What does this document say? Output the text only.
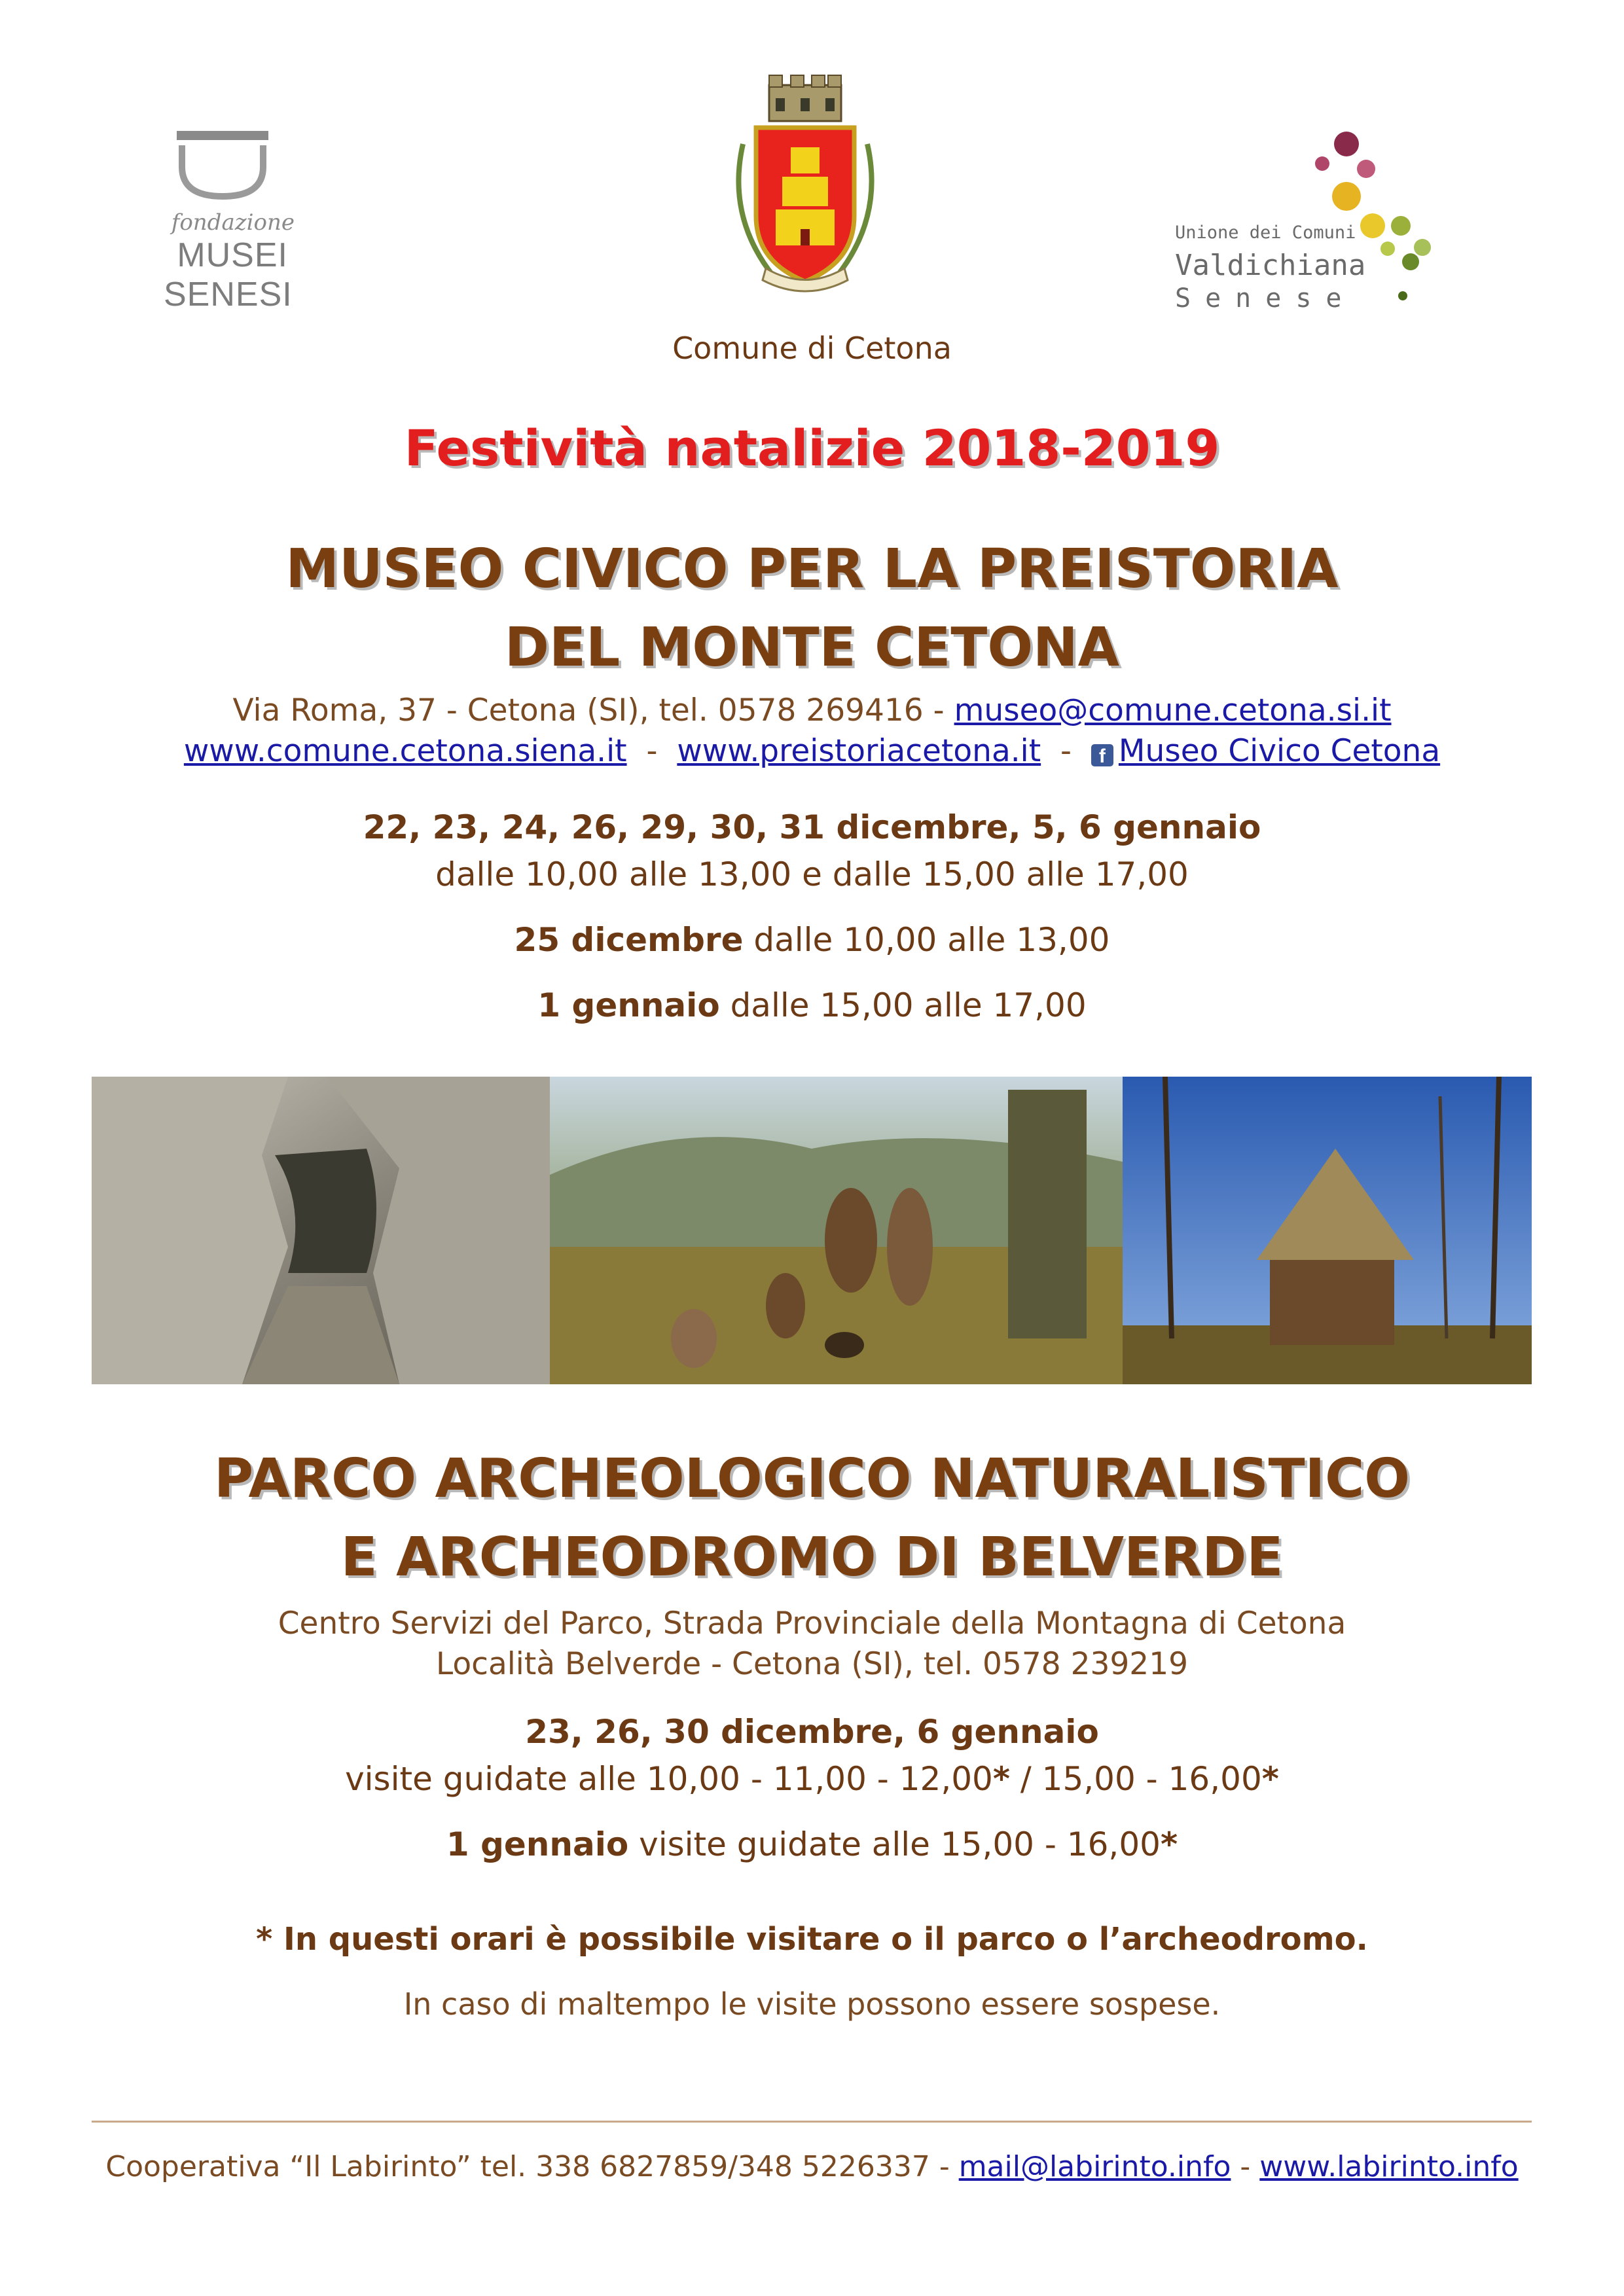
fondazione
MUSEI
SENESI
Comune di Cetona
Unione dei Comuni
Valdichiana
Senese
Festività natalizie 2018-2019
MUSEO CIVICO PER LA PREISTORIA
DEL MONTE CETONA
Via Roma, 37 - Cetona (SI), tel. 0578 269416 - museo@comune.cetona.si.it
www.comune.cetona.siena.it  -  www.preistoriacetona.it  -  f Museo Civico Cetona
22, 23, 24, 26, 29, 30, 31 dicembre, 5, 6 gennaio
dalle 10,00 alle 13,00 e dalle 15,00 alle 17,00
25 dicembre dalle 10,00 alle 13,00
1 gennaio dalle 15,00 alle 17,00
PARCO ARCHEOLOGICO NATURALISTICO
E ARCHEODROMO DI BELVERDE
Centro Servizi del Parco, Strada Provinciale della Montagna di Cetona
Località Belverde - Cetona (SI), tel. 0578 239219
23, 26, 30 dicembre, 6 gennaio
visite guidate alle 10,00 - 11,00 - 12,00* / 15,00 - 16,00*
1 gennaio visite guidate alle 15,00 - 16,00*
* In questi orari è possibile visitare o il parco o l’archeodromo.
In caso di maltempo le visite possono essere sospese.
Cooperativa “Il Labirinto” tel. 338 6827859/348 5226337 - mail@labirinto.info - www.labirinto.info
